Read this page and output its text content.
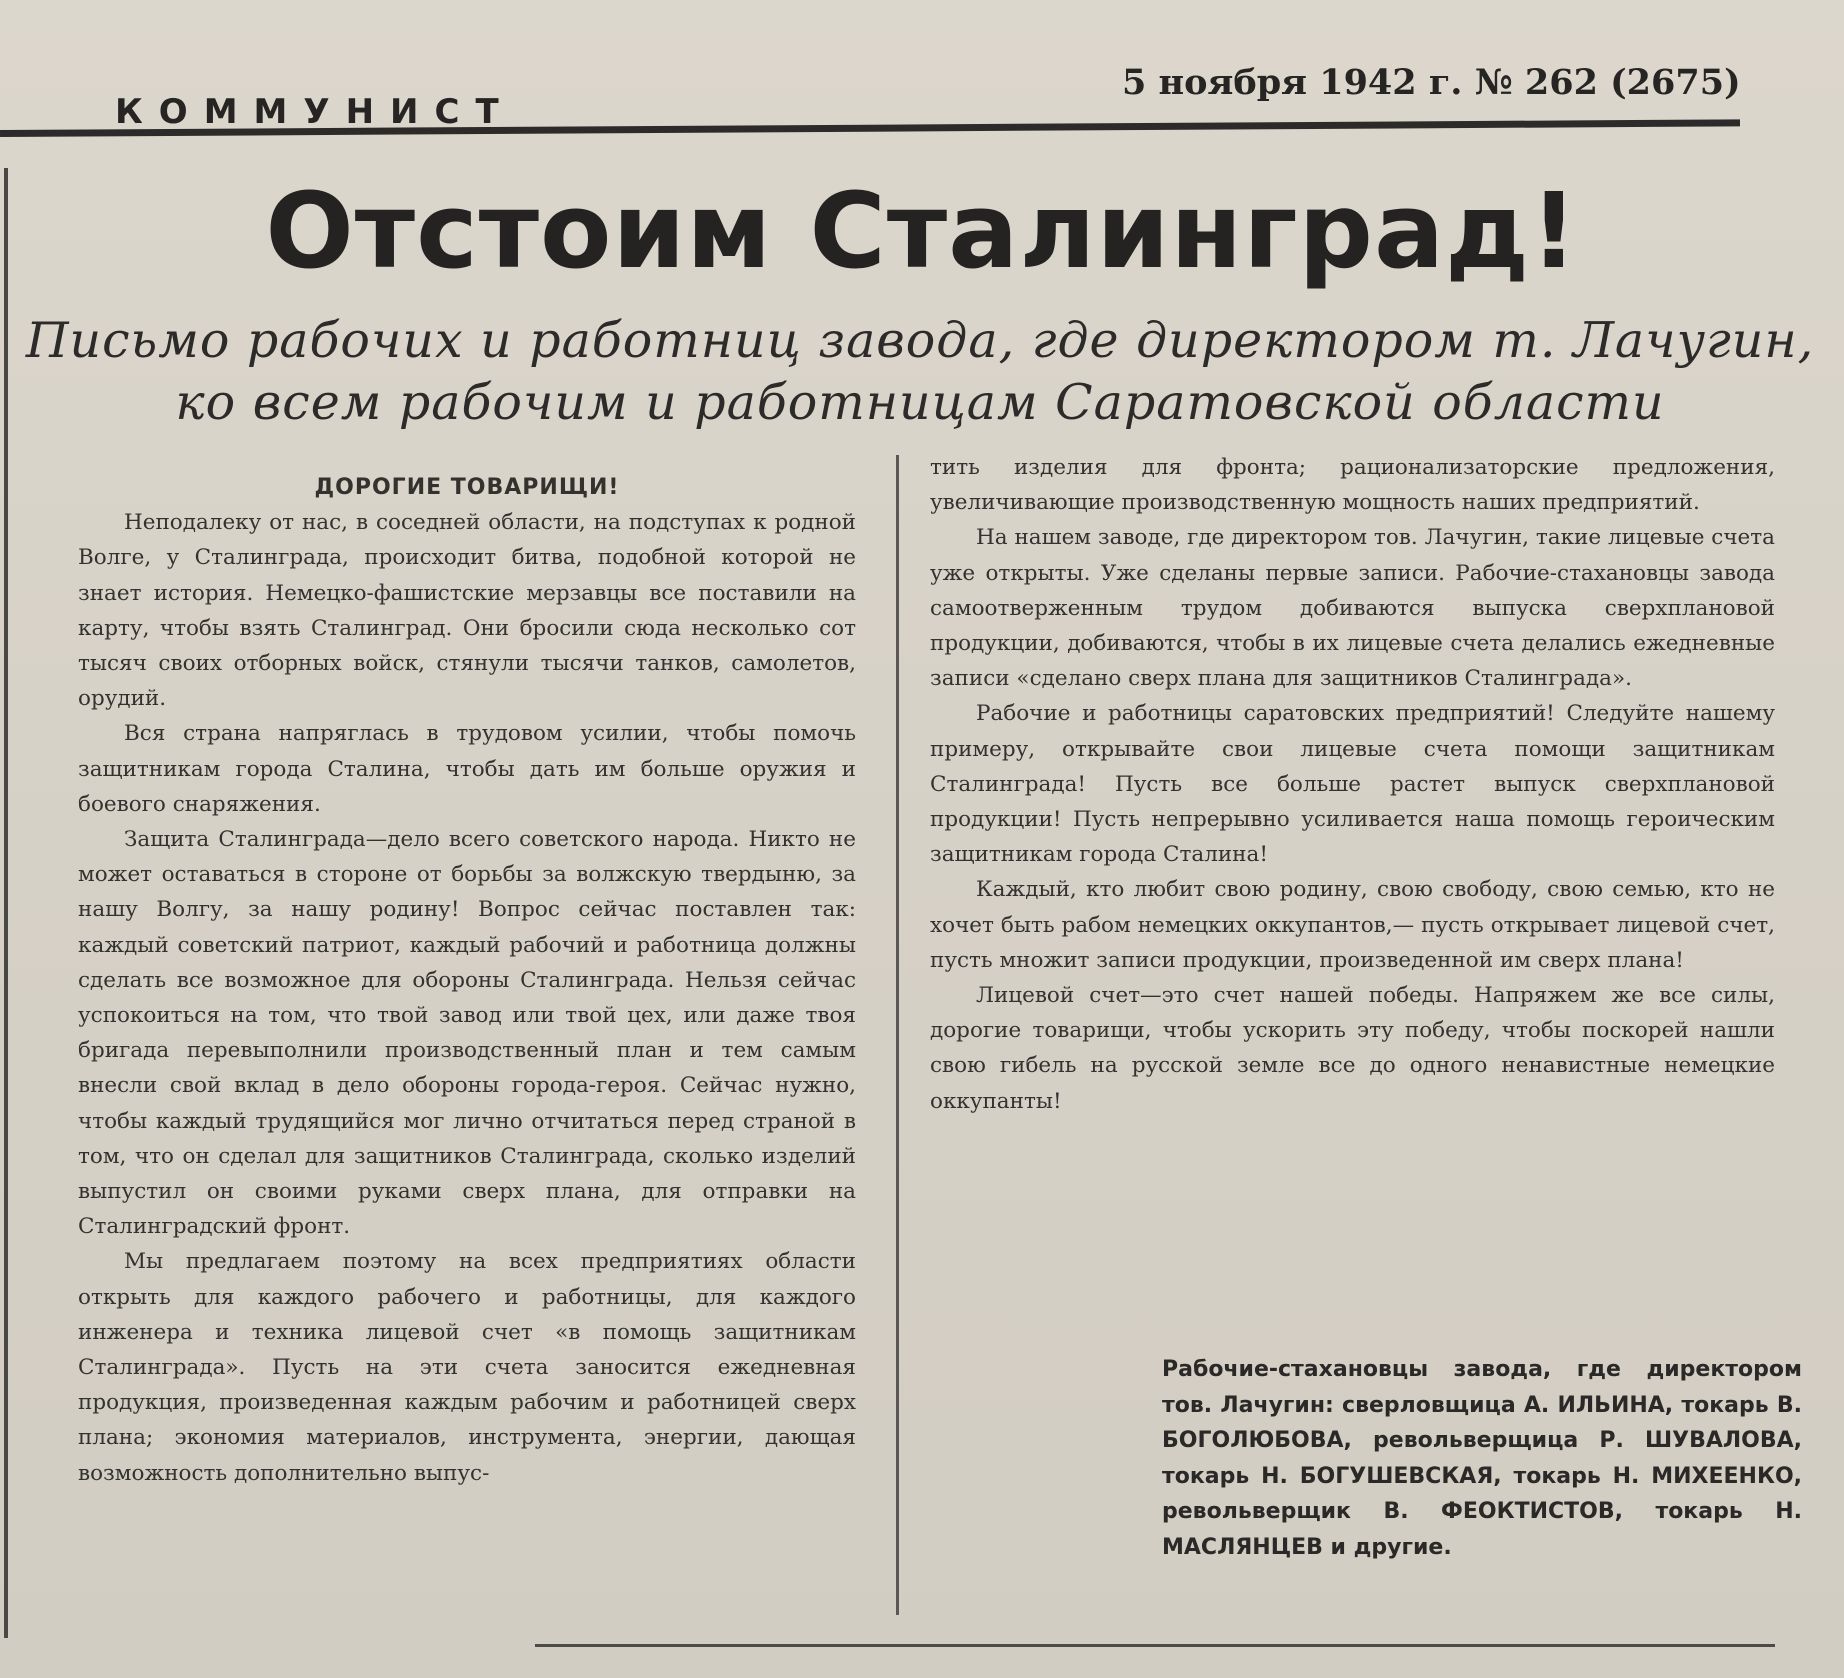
КОММУНИСТ
5 ноября 1942 г. № 262 (2675)
Отстоим Сталинград!
Письмо рабочих и работниц завода, где директором т. Лачугин,
ко всем рабочим и работницам Саратовской области

ДОРОГИЕ ТОВАРИЩИ!

Неподалеку от нас, в соседней области, на подступах к родной Волге, у Сталинграда, происходит битва, подобной которой не знает история. Немецко-фашистские мерзавцы все поставили на карту, чтобы взять Сталинград. Они бросили сюда несколько сот тысяч своих отборных войск, стянули тысячи танков, самолетов, орудий.

Вся страна напряглась в трудовом усилии, чтобы помочь защитникам города Сталина, чтобы дать им больше оружия и боевого снаряжения.

Защита Сталинграда—дело всего советского народа. Никто не может оставаться в стороне от борьбы за волжскую твердыню, за нашу Волгу, за нашу родину! Вопрос сейчас поставлен так: каждый советский патриот, каждый рабочий и работница должны сделать все возможное для обороны Сталинграда. Нельзя сейчас успокоиться на том, что твой завод или твой цех, или даже твоя бригада перевыполнили производственный план и тем самым внесли свой вклад в дело обороны города-героя. Сейчас нужно, чтобы каждый трудящийся мог лично отчитаться перед страной в том, что он сделал для защитников Сталинграда, сколько изделий выпустил он своими руками сверх плана, для отправки на Сталинградский фронт.

Мы предлагаем поэтому на всех предприятиях области открыть для каждого рабочего и работницы, для каждого инженера и техника лицевой счет «в помощь защитникам Сталинграда». Пусть на эти счета заносится ежедневная продукция, произведенная каждым рабочим и работницей сверх плана; экономия материалов, инструмента, энергии, дающая возможность дополнительно выпус-

тить изделия для фронта; рационализаторские предложения, увеличивающие производственную мощность наших предприятий.

На нашем заводе, где директором тов. Лачугин, такие лицевые счета уже открыты. Уже сделаны первые записи. Рабочие-стахановцы завода самоотверженным трудом добиваются выпуска сверхплановой продукции, добиваются, чтобы в их лицевые счета делались ежедневные записи «сделано сверх плана для защитников Сталинграда».

Рабочие и работницы саратовских предприятий! Следуйте нашему примеру, открывайте свои лицевые счета помощи защитникам Сталинграда! Пусть все больше растет выпуск сверхплановой продукции! Пусть непрерывно усиливается наша помощь героическим защитникам города Сталина!

Каждый, кто любит свою родину, свою свободу, свою семью, кто не хочет быть рабом немецких оккупантов,— пусть открывает лицевой счет, пусть множит записи продукции, произведенной им сверх плана!

Лицевой счет—это счет нашей победы. Напряжем же все силы, дорогие товарищи, чтобы ускорить эту победу, чтобы поскорей нашли свою гибель на русской земле все до одного ненавистные немецкие оккупанты!

Рабочие-стахановцы завода, где директором тов. Лачугин: сверловщица А. ИЛЬИНА, токарь В. БОГОЛЮБОВА, револьверщица Р. ШУВАЛОВА, токарь Н. БОГУШЕВСКАЯ, токарь Н. МИХЕЕНКО, револьверщик В. ФЕОКТИСТОВ, токарь Н. МАСЛЯНЦЕВ и другие.
